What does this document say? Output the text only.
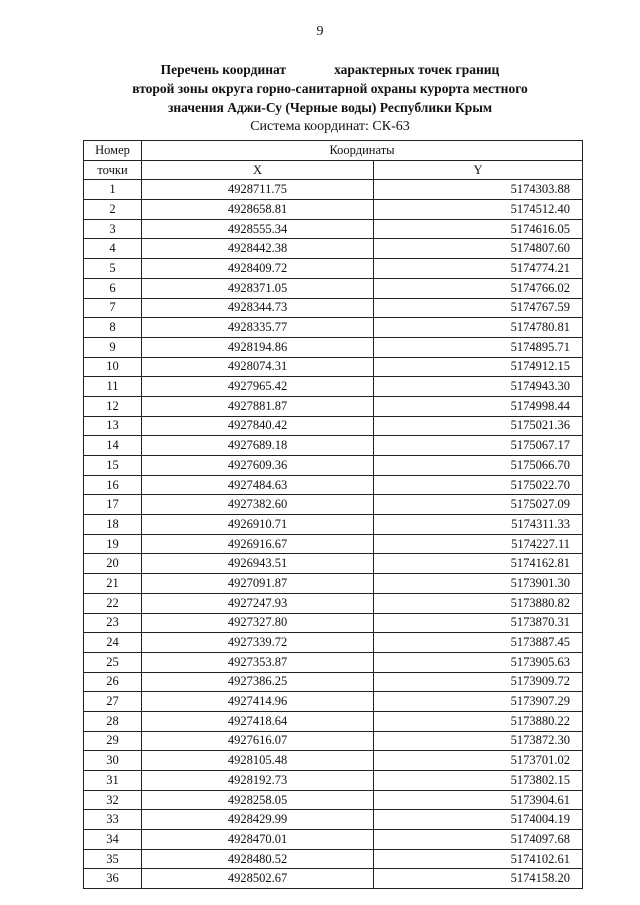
9
Перечень координат	характерных точек границ
второй зоны округа горно-санитарной охраны курорта местного
значения Аджи-Су (Черные воды) Республики Крым
Система координат: СК-63
Номер	Координаты	
точки	X	Y
1	4928711.75	5174303.88
2	4928658.81	5174512.40
3	4928555.34	5174616.05
4	4928442.38	5174807.60
5	4928409.72	5174774.21
6	4928371.05	5174766.02
7	4928344.73	5174767.59
8	4928335.77	5174780.81
9	4928194.86	5174895.71
10	4928074.31	5174912.15
11	4927965.42	5174943.30
12	4927881.87	5174998.44
13	4927840.42	5175021.36
14	4927689.18	5175067.17
15	4927609.36	5175066.70
16	4927484.63	5175022.70
17	4927382.60	5175027.09
18	4926910.71	5174311.33
19	4926916.67	5174227.11
20	4926943.51	5174162.81
21	4927091.87	5173901.30
22	4927247.93	5173880.82
23	4927327.80	5173870.31
24	4927339.72	5173887.45
25	4927353.87	5173905.63
26	4927386.25	5173909.72
27	4927414.96	5173907.29
28	4927418.64	5173880.22
29	4927616.07	5173872.30
30	4928105.48	5173701.02
31	4928192.73	5173802.15
32	4928258.05	5173904.61
33	4928429.99	5174004.19
34	4928470.01	5174097.68
35	4928480.52	5174102.61
36	4928502.67	5174158.20
